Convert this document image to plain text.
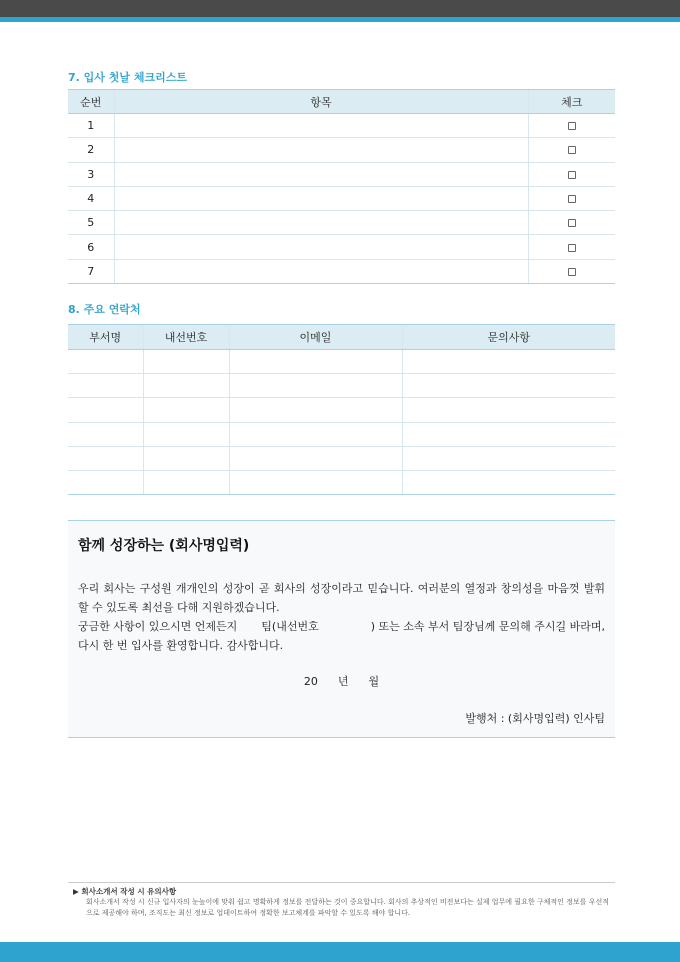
7. 입사 첫날 체크리스트
순번	항목	체크
1		
2		
3		
4		
5		
6		
7		
8. 주요 연락처
부서명	내선번호	이메일	문의사항

함께 성장하는 (회사명입력)

우리 회사는 구성원 개개인의 성장이 곧 회사의 성장이라고 믿습니다. 여러분의 열정과 창의성을 마음껏 발휘할 수 있도록 최선을 다해 지원하겠습니다.

궁금한 사항이 있으시면 언제든지 팀(내선번호	) 또는 소속 부서 팀장님께 문의해 주시길 바라며, 다시 한 번 입사를 환영합니다. 감사합니다.

20 년 월
발행처 : (회사명입력) 인사팀
▶ 회사소개서 작성 시 유의사항
회사소개서 작성 시 신규 입사자의 눈높이에 맞춰 쉽고 명확하게 정보를 전달하는 것이 중요합니다. 회사의 추상적인 비전보다는 실제 업무에 필요한 구체적인 정보를 우선적으로 제공해야 하며, 조직도는 최신 정보로 업데이트하여 정확한 보고체계를 파악할 수 있도록 해야 합니다.
